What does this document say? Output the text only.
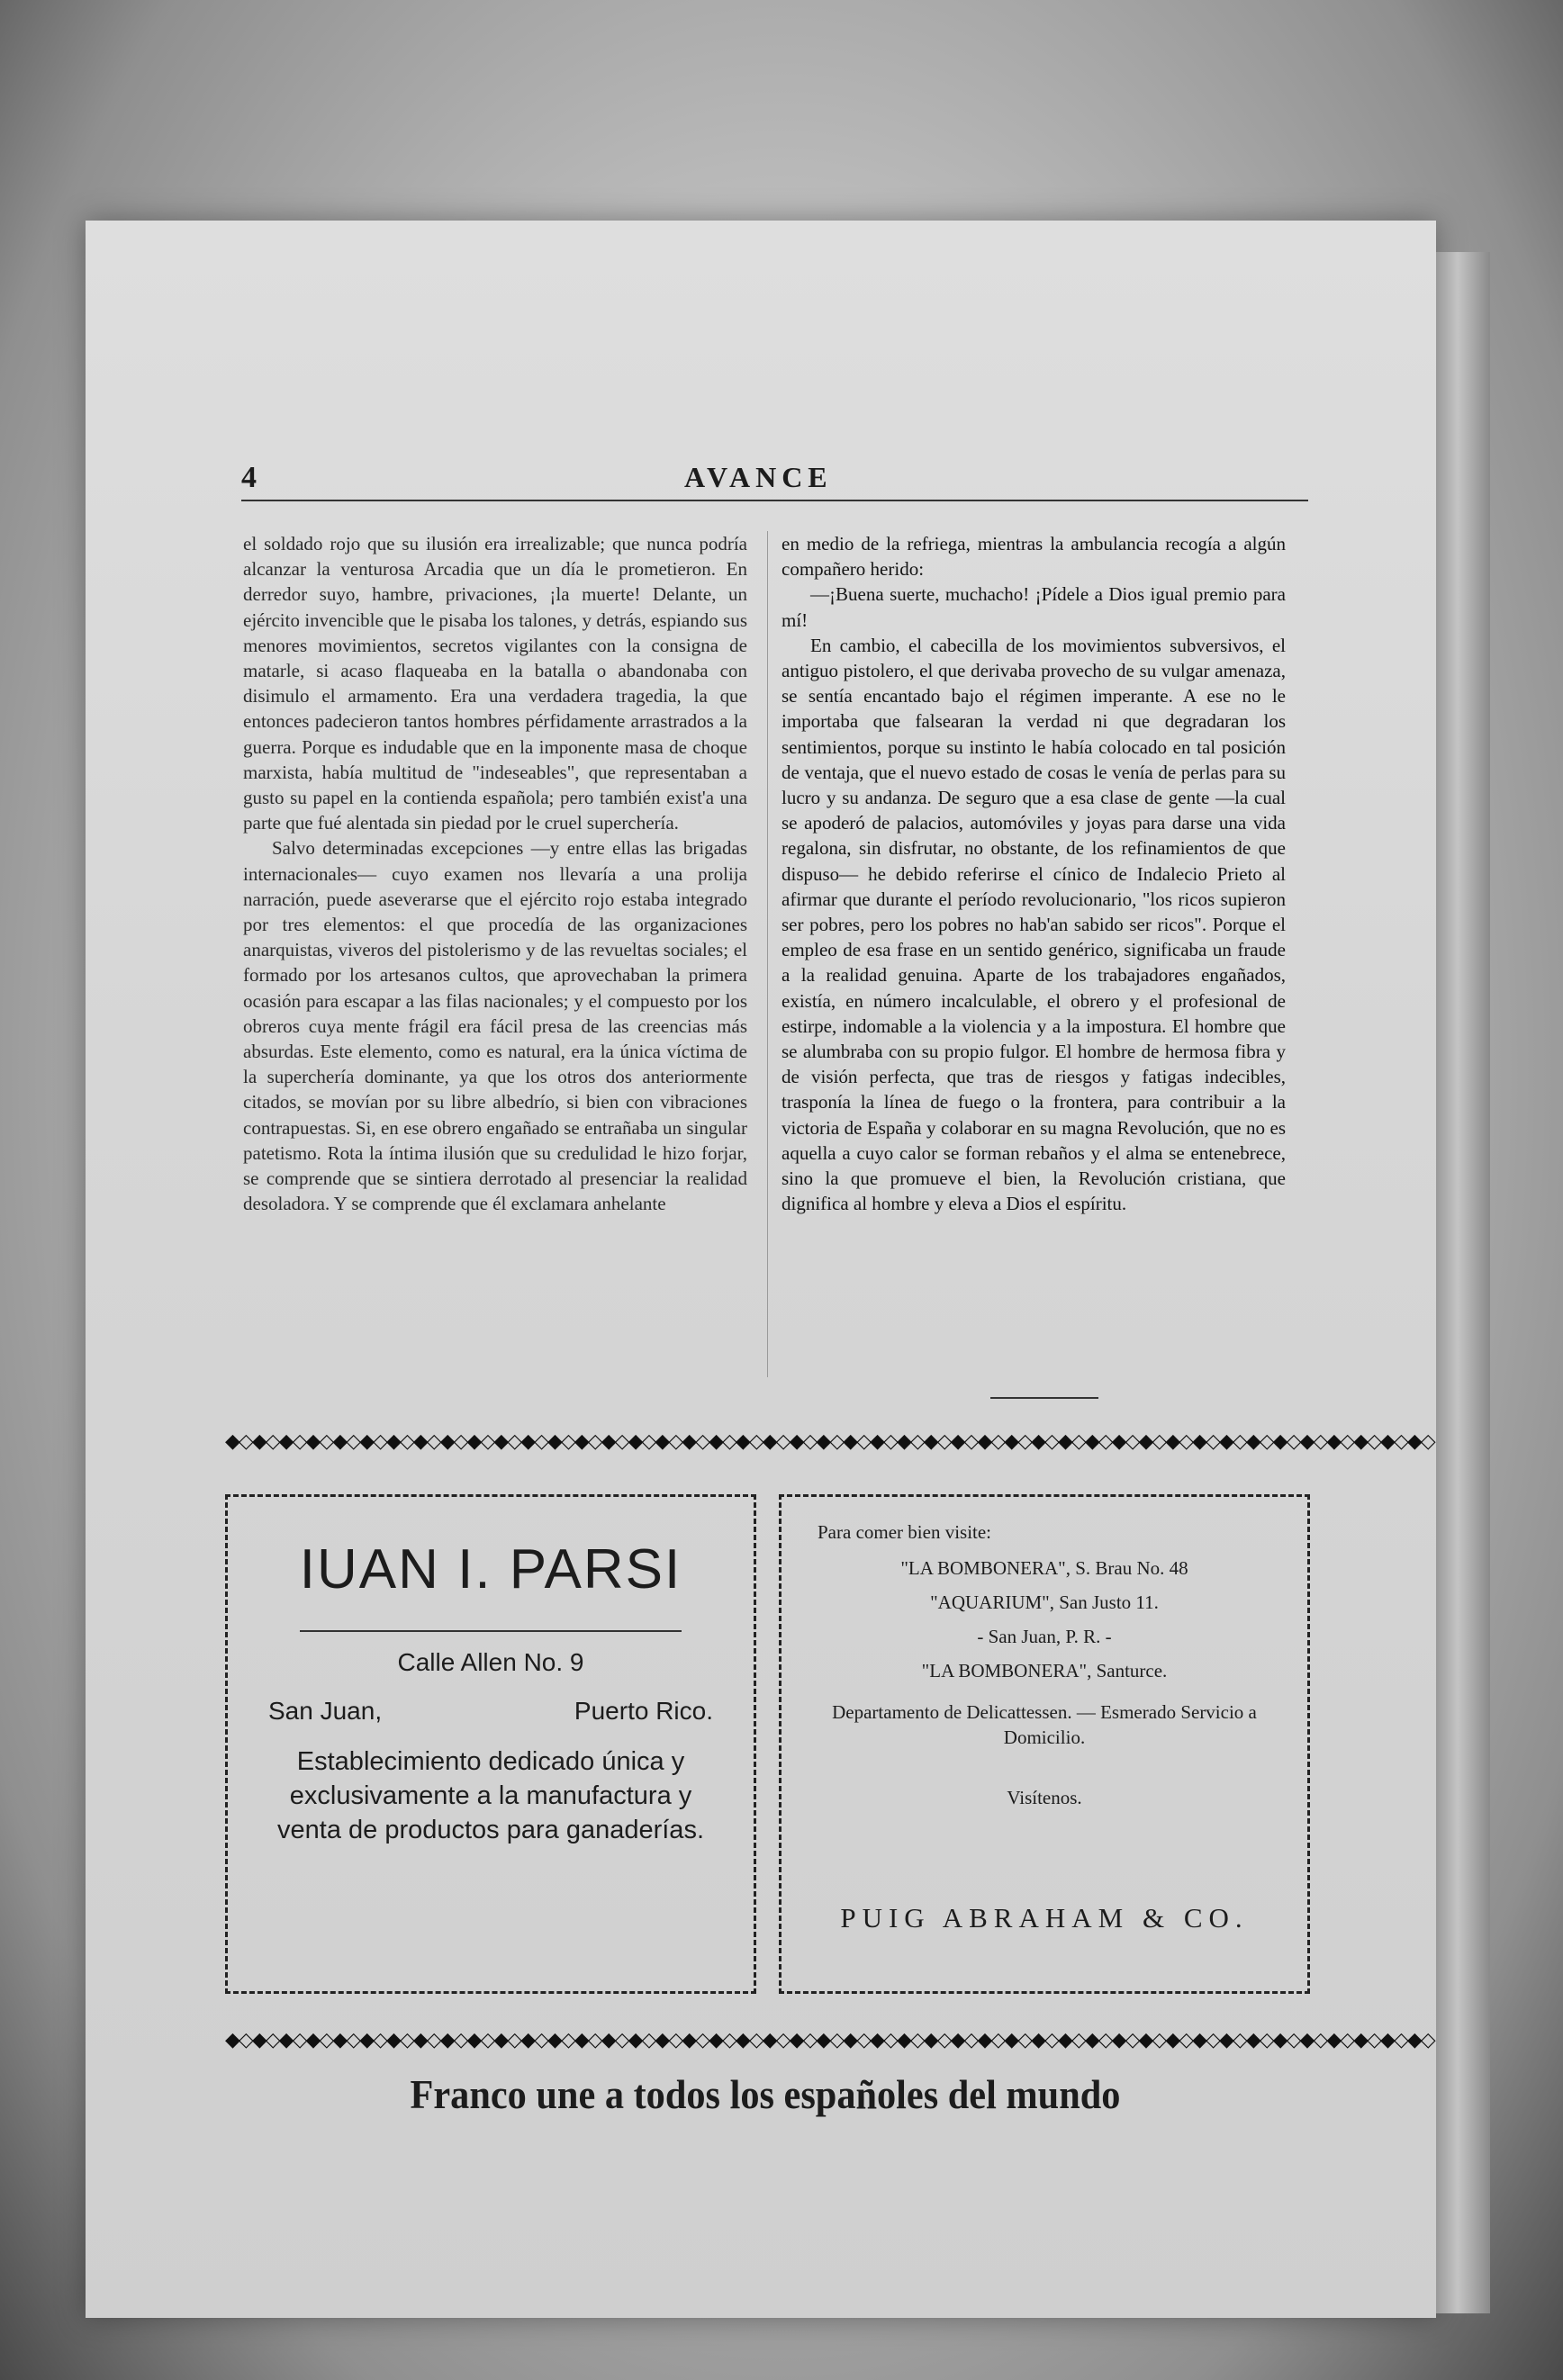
4	AVANCE

el soldado rojo que su ilusión era irrealizable; que nunca podría alcanzar la venturosa Arcadia que un día le prometieron. En derredor suyo, hambre, privaciones, ¡la muerte! Delante, un ejército invencible que le pisaba los talones, y detrás, espiando sus menores movimientos, secretos vigilantes con la consigna de matarle, si acaso flaqueaba en la batalla o abandonaba con disimulo el armamento. Era una verdadera tragedia, la que entonces padecieron tantos hombres pérfidamente arrastrados a la guerra. Porque es indudable que en la imponente masa de choque marxista, había multitud de "indeseables", que representaban a gusto su papel en la contienda española; pero también exist'a una parte que fué alentada sin piedad por le cruel superchería.

Salvo determinadas excepciones —y entre ellas las brigadas internacionales— cuyo examen nos llevaría a una prolija narración, puede aseverarse que el ejército rojo estaba integrado por tres elementos: el que procedía de las organizaciones anarquistas, viveros del pistolerismo y de las revueltas sociales; el formado por los artesanos cultos, que aprovechaban la primera ocasión para escapar a las filas nacionales; y el compuesto por los obreros cuya mente frágil era fácil presa de las creencias más absurdas. Este elemento, como es natural, era la única víctima de la superchería dominante, ya que los otros dos anteriormente citados, se movían por su libre albedrío, si bien con vibraciones contrapuestas. Si, en ese obrero engañado se entrañaba un singular patetismo. Rota la íntima ilusión que su credulidad le hizo forjar, se comprende que se sintiera derrotado al presenciar la realidad desoladora. Y se comprende que él exclamara anhelante

en medio de la refriega, mientras la ambulancia recogía a algún compañero herido:

—¡Buena suerte, muchacho! ¡Pídele a Dios igual premio para mí!

En cambio, el cabecilla de los movimientos subversivos, el antiguo pistolero, el que derivaba provecho de su vulgar amenaza, se sentía encantado bajo el régimen imperante. A ese no le importaba que falsearan la verdad ni que degradaran los sentimientos, porque su instinto le había colocado en tal posición de ventaja, que el nuevo estado de cosas le venía de perlas para su lucro y su andanza. De seguro que a esa clase de gente —la cual se apoderó de palacios, automóviles y joyas para darse una vida regalona, sin disfrutar, no obstante, de los refinamientos de que dispuso— he debido referirse el cínico de Indalecio Prieto al afirmar que durante el período revolucionario, "los ricos supieron ser pobres, pero los pobres no hab'an sabido ser ricos". Porque el empleo de esa frase en un sentido genérico, significaba un fraude a la realidad genuina. Aparte de los trabajadores engañados, existía, en número incalculable, el obrero y el profesional de estirpe, indomable a la violencia y a la impostura. El hombre que se alumbraba con su propio fulgor. El hombre de hermosa fibra y de visión perfecta, que tras de riesgos y fatigas indecibles, trasponía la línea de fuego o la frontera, para contribuir a la victoria de España y colaborar en su magna Revolución, que no es aquella a cuyo calor se forman rebaños y el alma se entenebrece, sino la que promueve el bien, la Revolución cristiana, que dignifica al hombre y eleva a Dios el espíritu.

◆◇◆◇◆◇◆◇◆◇◆◇◆◇◆◇◆◇◆◇◆◇◆◇◆◇◆◇◆◇◆◇◆◇◆◇◆◇◆◇◆◇◆◇◆◇◆◇◆◇◆◇◆◇◆◇◆◇◆◇◆◇◆◇◆◇◆◇◆◇◆◇◆◇◆◇◆◇◆◇◆◇◆◇◆◇◆◇◆◇
IUAN I. PARSI
Calle Allen No. 9
San Juan,	Puerto Rico.
Establecimiento dedicado única y exclusivamente a la manufactura y venta de productos para ganaderías.
Para comer bien visite:
"LA BOMBONERA", S. Brau No. 48
"AQUARIUM", San Justo 11.
- San Juan, P. R. -
"LA BOMBONERA", Santurce.
Departamento de Delicattessen. — Esmerado Servicio a Domicilio.
Visítenos.
PUIG ABRAHAM & CO.
◆◇◆◇◆◇◆◇◆◇◆◇◆◇◆◇◆◇◆◇◆◇◆◇◆◇◆◇◆◇◆◇◆◇◆◇◆◇◆◇◆◇◆◇◆◇◆◇◆◇◆◇◆◇◆◇◆◇◆◇◆◇◆◇◆◇◆◇◆◇◆◇◆◇◆◇◆◇◆◇◆◇◆◇◆◇◆◇◆◇
Franco une a todos los españoles del mundo
